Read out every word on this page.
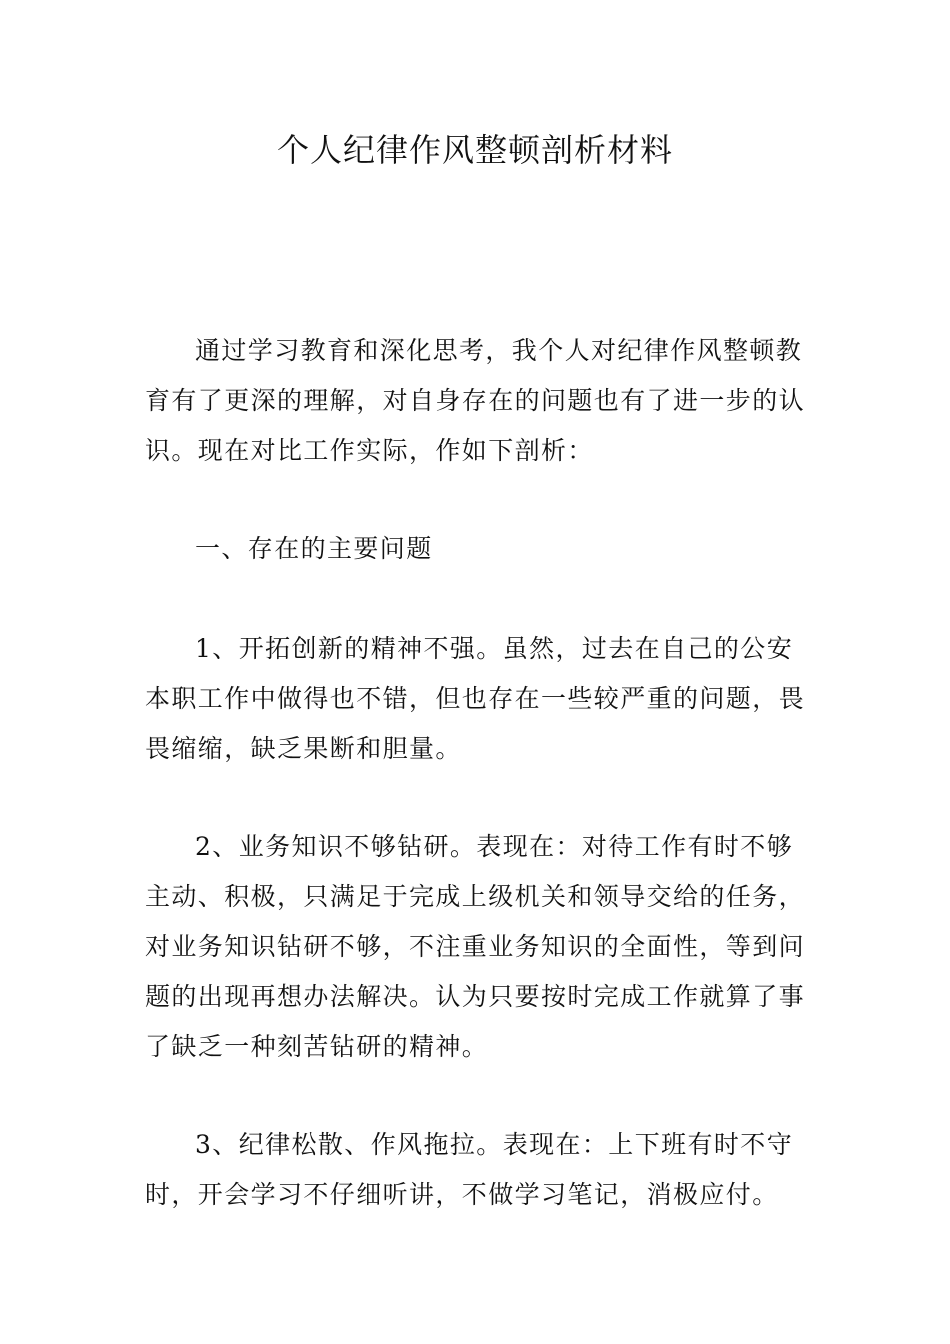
个人纪律作风整顿剖析材料

通过学习教育和深化思考，我个人对纪律作风整顿教育有了更深的理解，对自身存在的问题也有了进一步的认识。现在对比工作实际，作如下剖析：

一、存在的主要问题

1、开拓创新的精神不强。虽然，过去在自己的公安本职工作中做得也不错，但也存在一些较严重的问题，畏畏缩缩，缺乏果断和胆量。

2、业务知识不够钻研。表现在：对待工作有时不够主动、积极，只满足于完成上级机关和领导交给的任务，对业务知识钻研不够，不注重业务知识的全面性，等到问题的出现再想办法解决。认为只要按时完成工作就算了事了缺乏一种刻苦钻研的精神。

3、纪律松散、作风拖拉。表现在：上下班有时不守时，开会学习不仔细听讲，不做学习笔记，消极应付。
